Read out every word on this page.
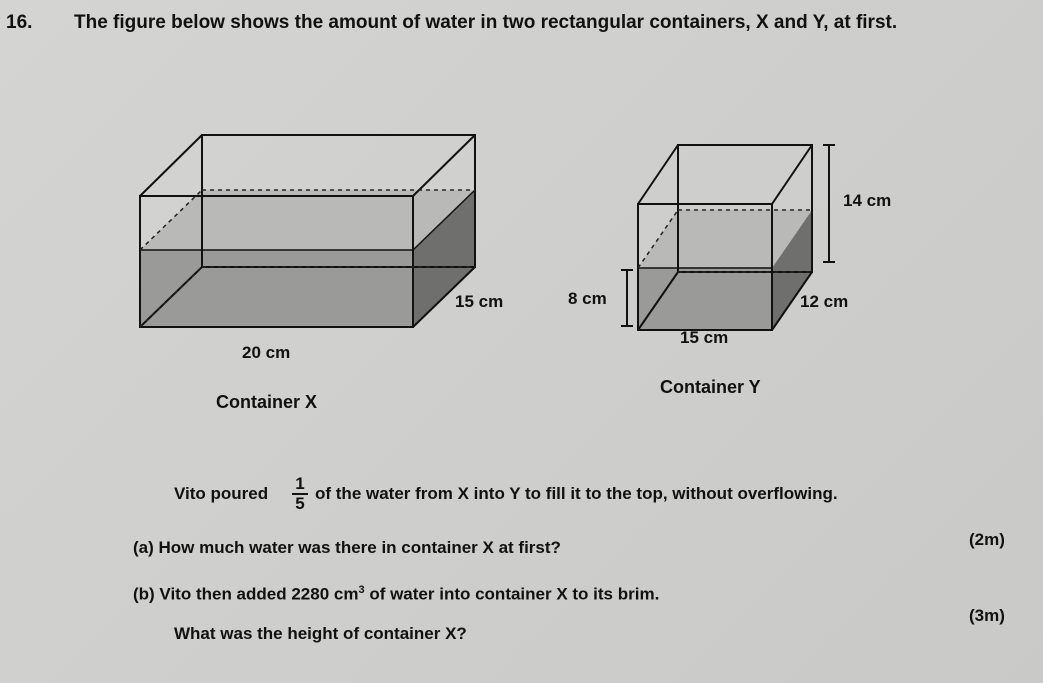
16. The figure below shows the amount of water in two rectangular containers, X and Y, at first.
15 cm
20 cm
Container X
14 cm
8 cm	12 cm
15 cm
Container Y
Vito poured $\frac{1}{5}$ of the water from X into Y to fill it to the top, without overflowing.
(a) How much water was there in container X at first?	(2m)
(b) Vito then added 2280 $cm^3$ of water into container X to its brim.
What was the height of container X?
(3m)
